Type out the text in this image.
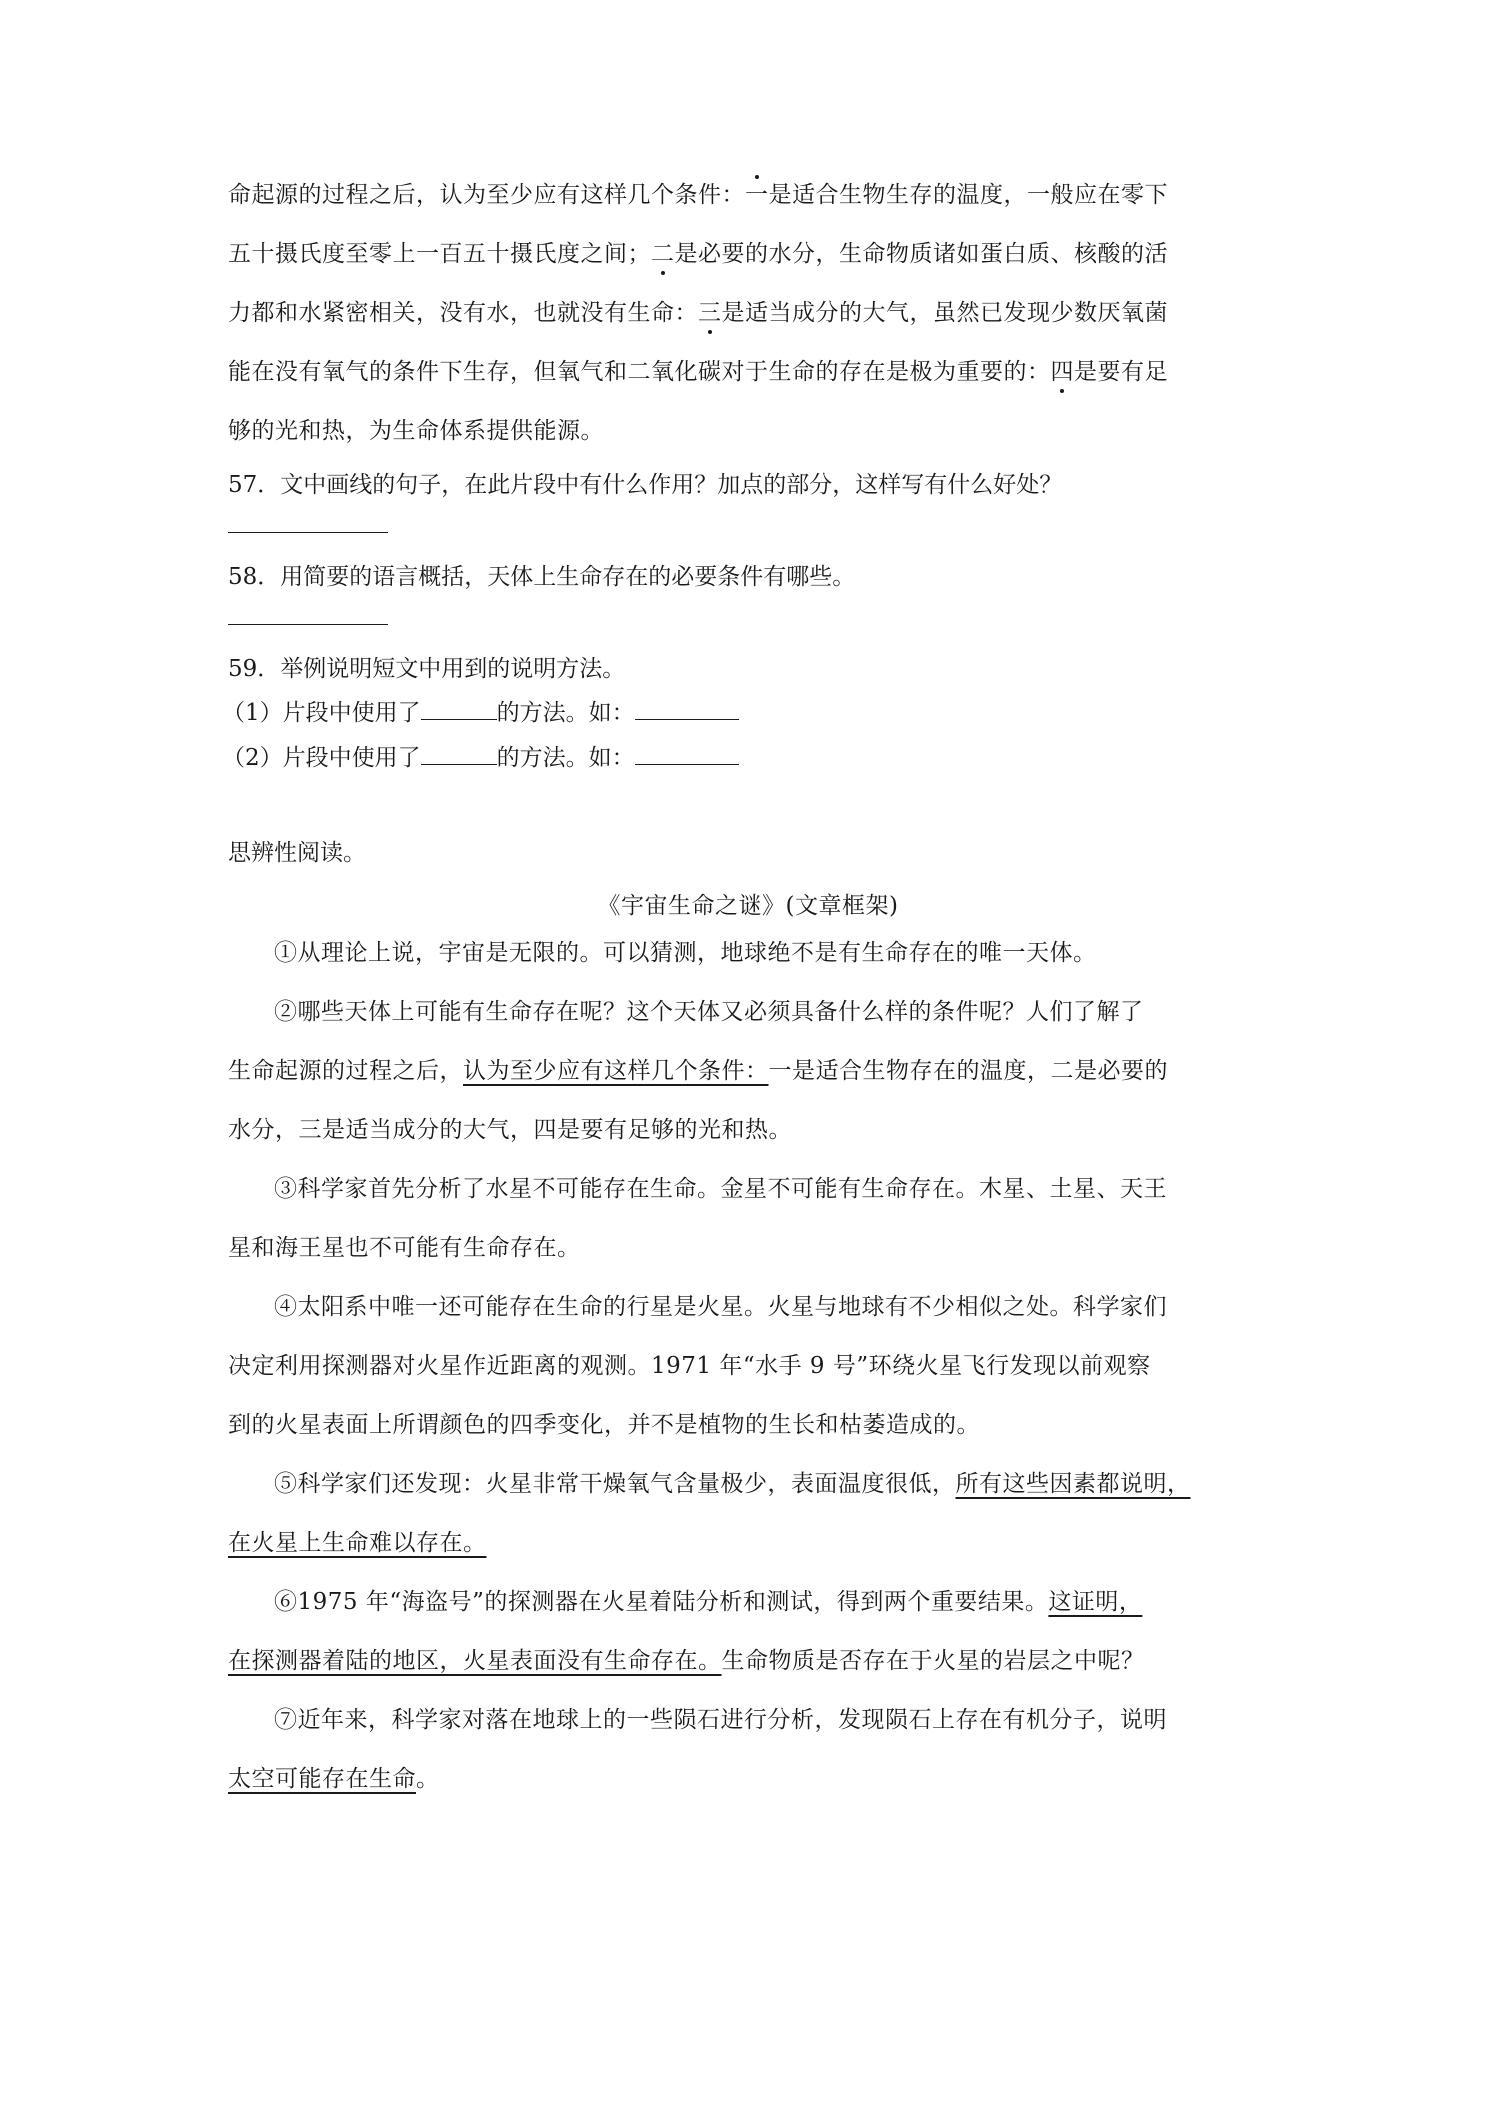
命起源的过程之后，认为至少应有这样几个条件：一是适合生物生存的温度，一般应在零下
五十摄氏度至零上一百五十摄氏度之间；二是必要的水分，生命物质诸如蛋白质、核酸的活
力都和水紧密相关，没有水，也就没有生命：三是适当成分的大气，虽然已发现少数厌氧菌
能在没有氧气的条件下生存，但氧气和二氧化碳对于生命的存在是极为重要的：四是要有足
够的光和热，为生命体系提供能源。
57．文中画线的句子，在此片段中有什么作用？加点的部分，这样写有什么好处？
58．用简要的语言概括，天体上生命存在的必要条件有哪些。
59．举例说明短文中用到的说明方法。
（1）片段中使用了	的方法。如：
（2）片段中使用了	的方法。如：
思辨性阅读。
《宇宙生命之谜》(文章框架)
①从理论上说，宇宙是无限的。可以猜测，地球绝不是有生命存在的唯一天体。
②哪些天体上可能有生命存在呢？这个天体又必须具备什么样的条件呢？人们了解了
生命起源的过程之后，认为至少应有这样几个条件：一是适合生物存在的温度，二是必要的
水分，三是适当成分的大气，四是要有足够的光和热。
③科学家首先分析了水星不可能存在生命。金星不可能有生命存在。木星、土星、天王
星和海王星也不可能有生命存在。
④太阳系中唯一还可能存在生命的行星是火星。火星与地球有不少相似之处。科学家们
决定利用探测器对火星作近距离的观测。1971 年“水手 9 号”环绕火星飞行发现以前观察
到的火星表面上所谓颜色的四季变化，并不是植物的生长和枯萎造成的。
⑤科学家们还发现：火星非常干燥氧气含量极少，表面温度很低，所有这些因素都说明，
在火星上生命难以存在。
⑥1975 年“海盗号”的探测器在火星着陆分析和测试，得到两个重要结果。这证明，
在探测器着陆的地区，火星表面没有生命存在。生命物质是否存在于火星的岩层之中呢？
⑦近年来，科学家对落在地球上的一些陨石进行分析，发现陨石上存在有机分子，说明
太空可能存在生命。
